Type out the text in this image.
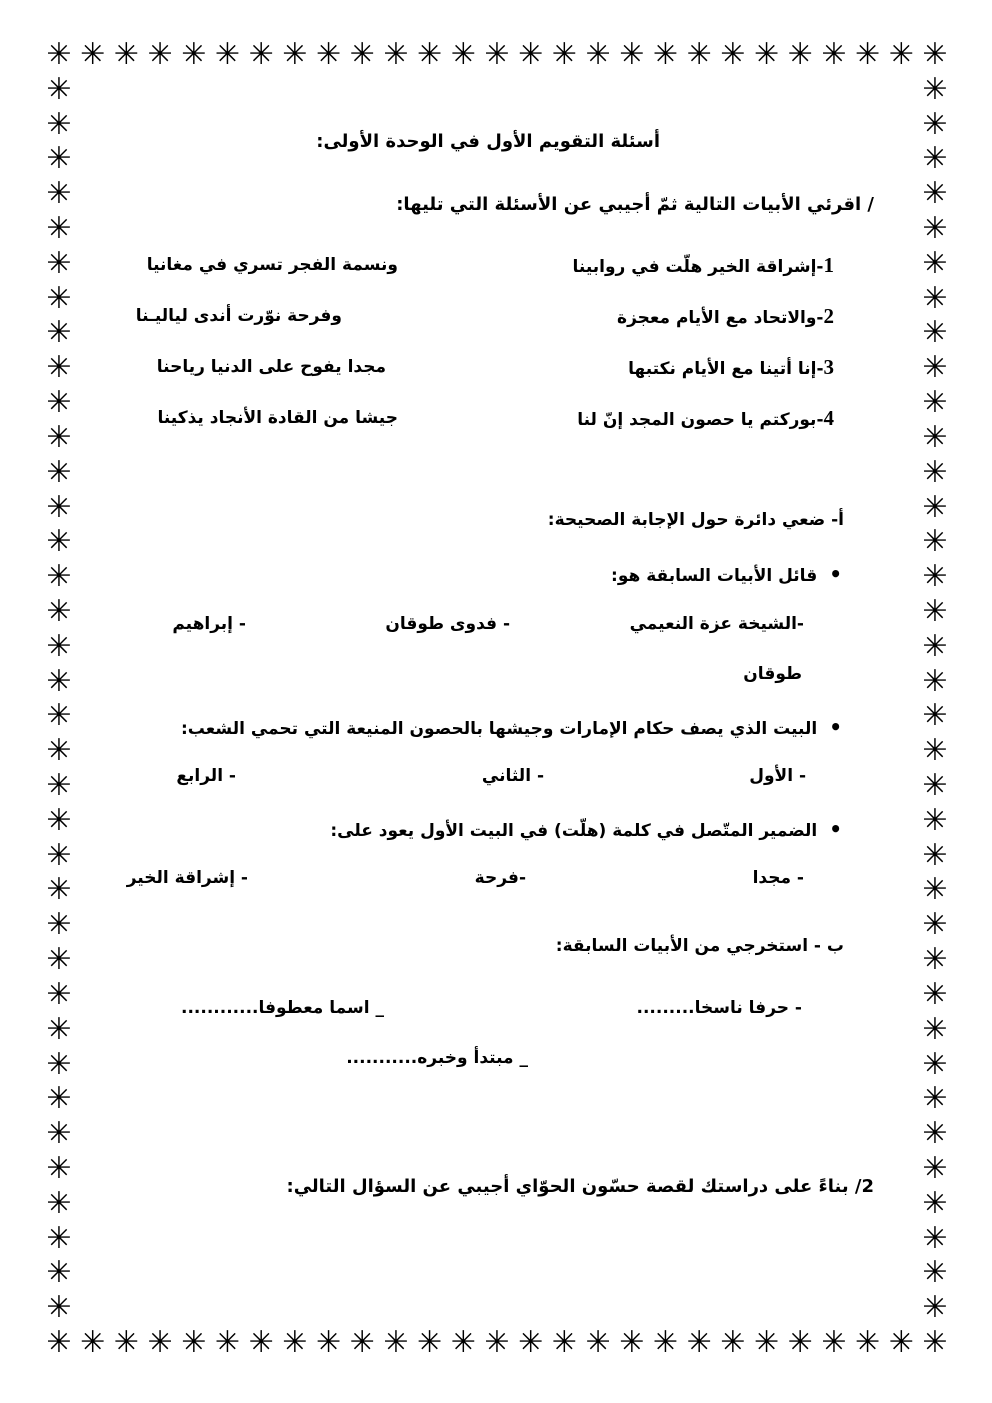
✳
✳
✳
✳
✳
✳
✳
✳
✳
✳
✳
✳
✳
✳
✳
✳
✳
✳
✳
✳
✳
✳
✳
✳
✳
✳
✳
✳
✳
✳
✳
✳
✳
✳
✳
✳
✳
✳
✳
✳
✳
✳
✳
✳
✳
✳
✳
✳
✳
✳
✳
✳
✳
✳
✳	✳
✳	✳
✳	✳
✳	✳
✳	✳
✳	✳
✳	✳
✳	✳
✳	✳
✳	✳
✳	✳
✳	✳
✳	✳
✳	✳
✳	✳
✳	✳
✳	✳
✳	✳
✳	✳
✳	✳
✳	✳
✳	✳
✳	✳
✳	✳
✳	✳
✳	✳
✳	✳
✳	✳
✳	✳
✳	✳
✳	✳
✳	✳
✳	✳
✳	✳
✳	✳
✳	✳
أسئلة التقويم الأول في الوحدة الأولى:
/ اقرئي الأبيات التالية ثمّ أجيبي عن الأسئلة التي تليها:
1-إشراقة الخير هلّت في روابينا
ونسمة الفجر تسري في مغانيا
2-والاتحاد مع الأيام معجزة
وفرحة نوّرت أندى لياليـنا
3-إنا أتينا مع الأيام نكتبها
مجدا يفوح على الدنيا رياحنا
4-بوركتم يا حصون المجد إنّ لنا
جيشا من القادة الأنجاد يذكينا
أ- ضعي دائرة حول الإجابة الصحيحة:
• قائل الأبيات السابقة هو:
-الشيخة عزة النعيمي
- فدوى طوقان
- إبراهيم
طوقان
• البيت الذي يصف حكام الإمارات وجيشها بالحصون المنيعة التي تحمي الشعب:
- الأول
- الثاني
- الرابع
• الضمير المتّصل في كلمة (هلّت) في البيت الأول يعود على:
- مجدا
-فرحة
- إشراقة الخير
ب - استخرجي من الأبيات السابقة:
- حرفا ناسخا.........
_ اسما معطوفا............
_ مبتدأ وخبره...........
2/ بناءً على دراستك لقصة حسّون الحوّاي أجيبي عن السؤال التالي:
